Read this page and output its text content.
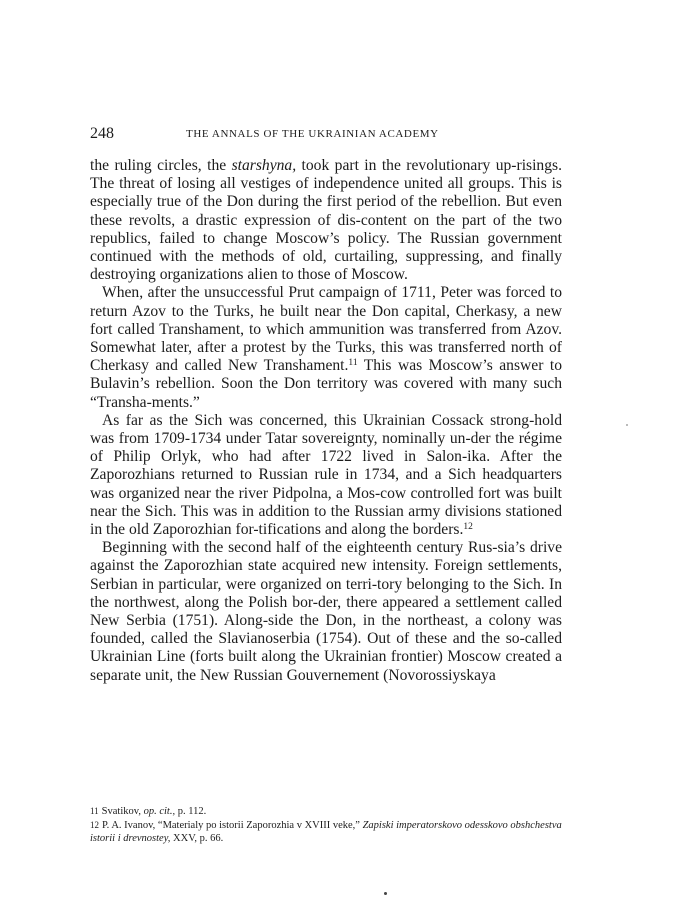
248	THE ANNALS OF THE UKRAINIAN ACADEMY

the ruling circles, the starshyna, took part in the revolutionary up-risings. The threat of losing all vestiges of independence united all groups. This is especially true of the Don during the first period of the rebellion. But even these revolts, a drastic expression of dis-content on the part of the two republics, failed to change Moscow’s policy. The Russian government continued with the methods of old, curtailing, suppressing, and finally destroying organizations alien to those of Moscow.

When, after the unsuccessful Prut campaign of 1711, Peter was forced to return Azov to the Turks, he built near the Don capital, Cherkasy, a new fort called Transhament, to which ammunition was transferred from Azov. Somewhat later, after a protest by the Turks, this was transferred north of Cherkasy and called New Transhament.$^{11}$ This was Moscow’s answer to Bulavin’s rebellion. Soon the Don territory was covered with many such “Transha-ments.”

As far as the Sich was concerned, this Ukrainian Cossack strong-hold was from 1709-1734 under Tatar sovereignty, nominally un-der the régime of Philip Orlyk, who had after 1722 lived in Salon-ika. After the Zaporozhians returned to Russian rule in 1734, and a Sich headquarters was organized near the river Pidpolna, a Mos-cow controlled fort was built near the Sich. This was in addition to the Russian army divisions stationed in the old Zaporozhian for-tifications and along the borders.$^{12}$

Beginning with the second half of the eighteenth century Rus-sia’s drive against the Zaporozhian state acquired new intensity. Foreign settlements, Serbian in particular, were organized on terri-tory belonging to the Sich. In the northwest, along the Polish bor-der, there appeared a settlement called New Serbia (1751). Along-side the Don, in the northeast, a colony was founded, called the Slavianoserbia (1754). Out of these and the so-called Ukrainian Line (forts built along the Ukrainian frontier) Moscow created a separate unit, the New Russian Gouvernement (Novorossiyskaya

11 Svatikov, op. cit., p. 112.

12 P. A. Ivanov, “Materialy po istorii Zaporozhia v XVIII veke,” Zapiski imperatorskovo odesskovo obshchestva istorii i drevnostey, XXV, p. 66.
